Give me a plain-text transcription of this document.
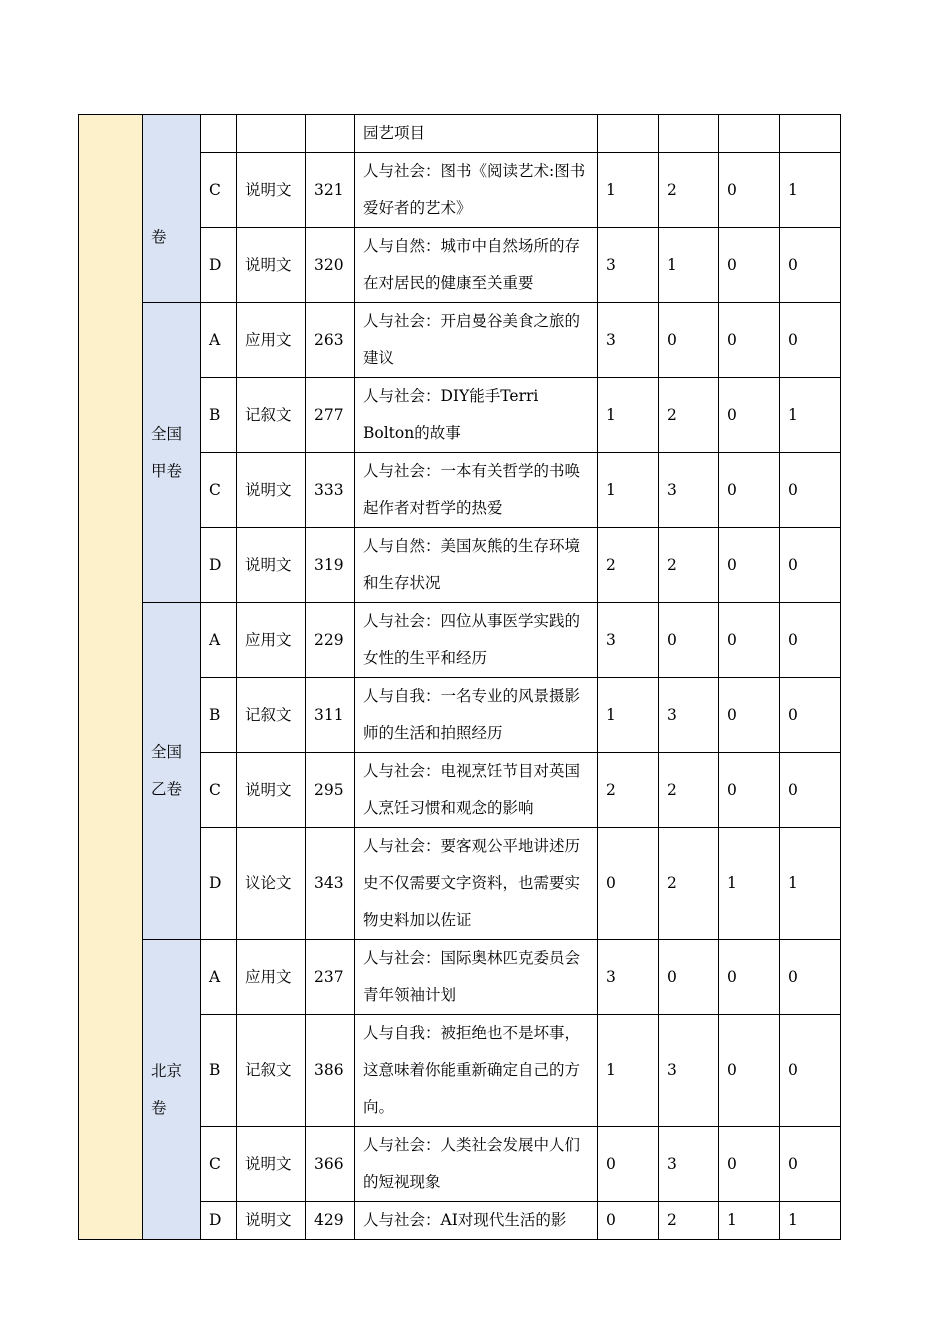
	卷				园艺项目				
		C	说明文	321	人与社会：图书《阅读艺术:图书爱好者的艺术》	1	2	0	1
		D	说明文	320	人与自然：城市中自然场所的存在对居民的健康至关重要	3	1	0	0
	全国甲卷	A	应用文	263	人与社会：开启曼谷美食之旅的建议	3	0	0	0
		B	记叙文	277	人与社会：DIY能手Terri Bolton的故事	1	2	0	1
		C	说明文	333	人与社会：一本有关哲学的书唤起作者对哲学的热爱	1	3	0	0
		D	说明文	319	人与自然：美国灰熊的生存环境和生存状况	2	2	0	0
	全国乙卷	A	应用文	229	人与社会：四位从事医学实践的女性的生平和经历	3	0	0	0
		B	记叙文	311	人与自我：一名专业的风景摄影师的生活和拍照经历	1	3	0	0
		C	说明文	295	人与社会：电视烹饪节目对英国人烹饪习惯和观念的影响	2	2	0	0
		D	议论文	343	人与社会：要客观公平地讲述历史不仅需要文字资料，也需要实物史料加以佐证	0	2	1	1
	北京卷	A	应用文	237	人与社会：国际奥林匹克委员会青年领袖计划	3	0	0	0
		B	记叙文	386	人与自我：被拒绝也不是坏事，这意味着你能重新确定自己的方向。	1	3	0	0
		C	说明文	366	人与社会：人类社会发展中人们的短视现象	0	3	0	0
		D	说明文	429	人与社会：AI对现代生活的影	0	2	1	1
